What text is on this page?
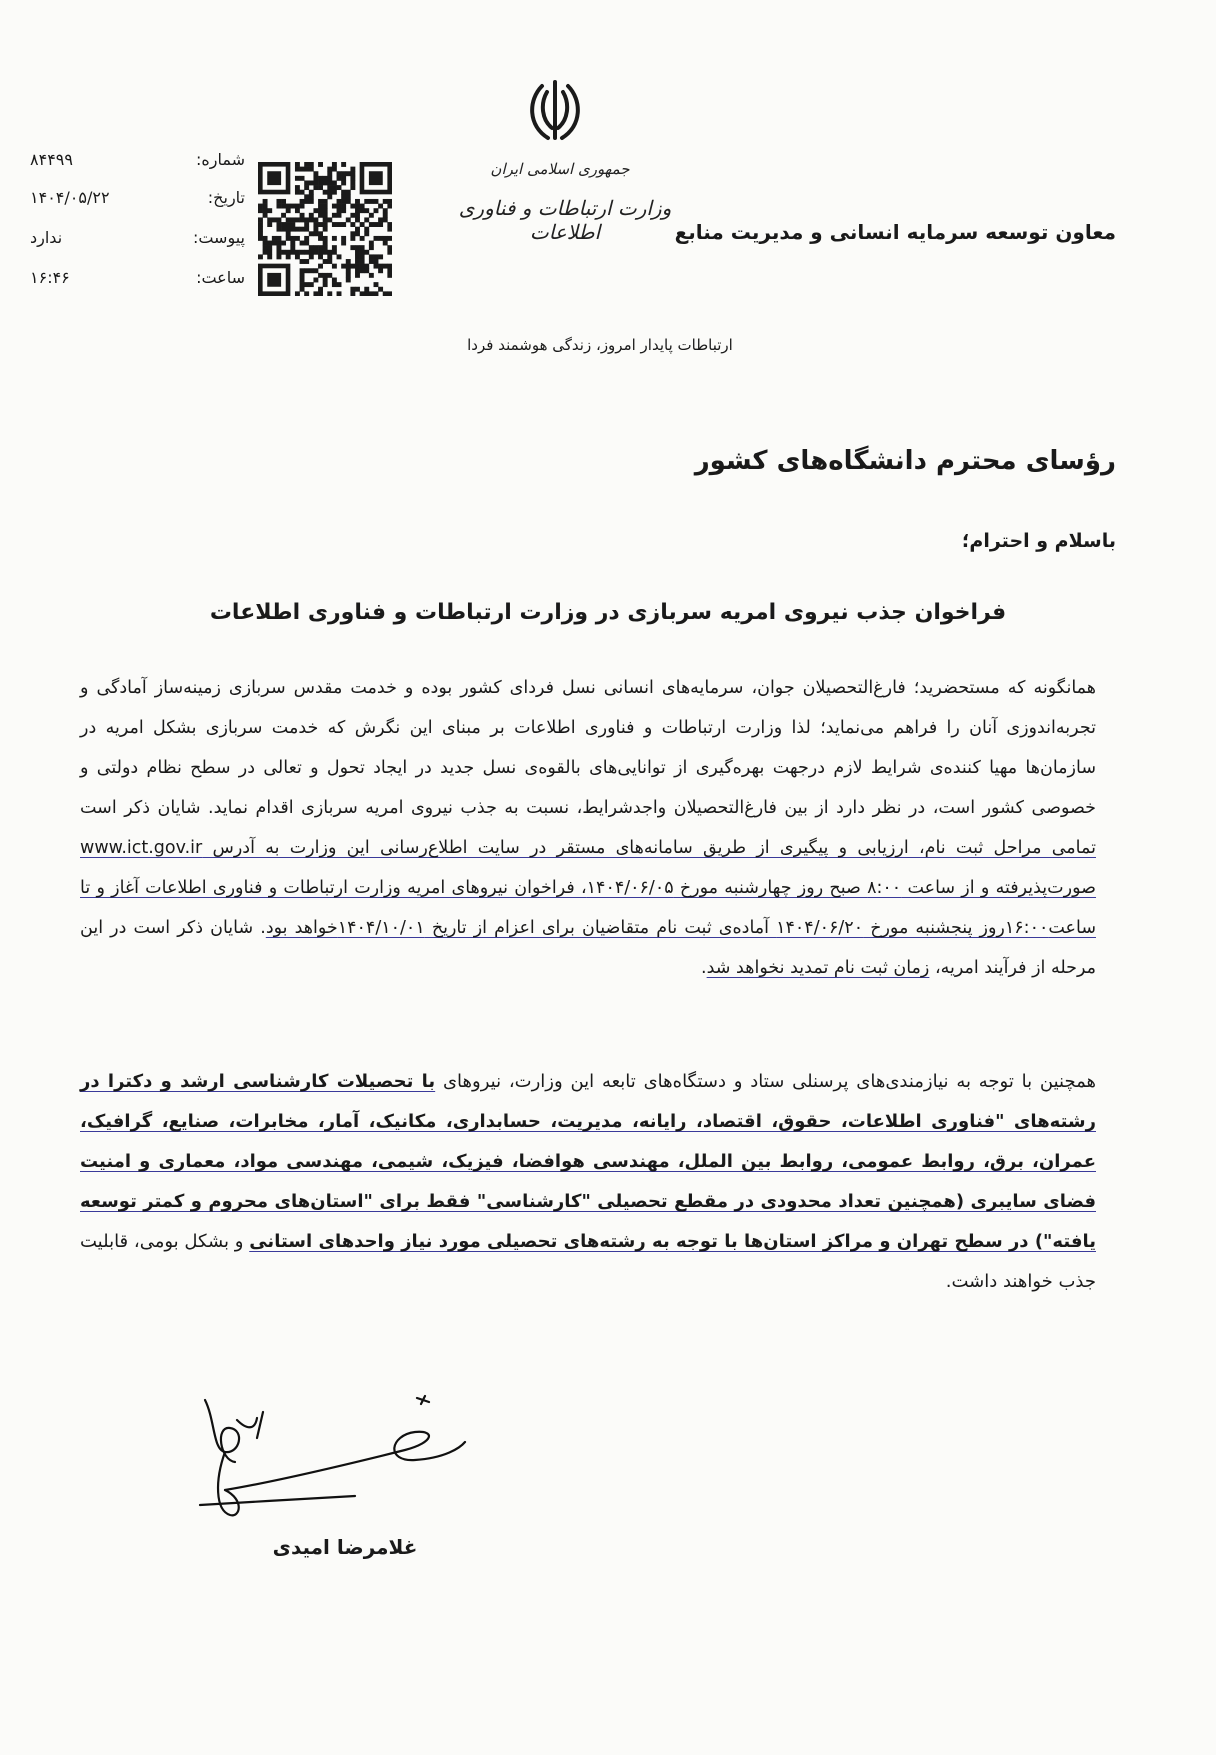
جمهوری اسلامی ایران
وزارت ارتباطات و فناوری اطلاعات	معاون توسعه سرمایه انسانی و مدیریت منابع
شماره:
۸۴۴۹۹
تاریخ:
۱۴۰۴/۰۵/۲۲
پیوست:
ندارد
ساعت:
۱۶:۴۶
ارتباطات پایدار امروز، زندگی هوشمند فردا
رؤسای محترم دانشگاه‌های کشور
باسلام و احترام؛
فراخوان جذب نیروی امریه سربازی در وزارت ارتباطات و فناوری اطلاعات
همانگونه که مستحضرید؛ فارغ‌التحصیلان جوان، سرمایه‌های انسانی نسل فردای کشور بوده و خدمت مقدس سربازی زمینه‌ساز آمادگی و تجربه‌اندوزی آنان را فراهم می‌نماید؛ لذا وزارت ارتباطات و فناوری اطلاعات بر مبنای این نگرش که خدمت سربازی بشکل امریه در سازمان‌ها مهیا کننده‌ی شرایط لازم درجهت بهره‌گیری از توانایی‌های بالقوه‌ی نسل جدید در ایجاد تحول و تعالی در سطح نظام دولتی و خصوصی کشور است، در نظر دارد از بین فارغ‌التحصیلان واجدشرایط، نسبت به جذب نیروی امریه سربازی اقدام نماید. شایان ذکر است تمامی مراحل ثبت نام، ارزیابی و پیگیری از طریق سامانه‌های مستقر در سایت اطلاع‌رسانی این وزارت به آدرس www.ict.gov.ir صورت‌پذیرفته و از ساعت ۸:۰۰ صبح روز چهارشنبه مورخ ۱۴۰۴/۰۶/۰۵، فراخوان نیروهای امریه وزارت ارتباطات و فناوری اطلاعات آغاز و تا ساعت۱۶:۰۰روز پنجشنبه مورخ ۱۴۰۴/۰۶/۲۰ آماده‌ی ثبت نام متقاضیان برای اعزام از تاریخ ۱۴۰۴/۱۰/۰۱خواهد بود. شایان ذکر است در این مرحله از فرآیند امریه، زمان ثبت نام تمدید نخواهد شد.
همچنین با توجه به نیازمندی‌های پرسنلی ستاد و دستگاه‌های تابعه این وزارت، نیروهای با تحصیلات کارشناسی ارشد و دکترا در رشته‌های "فناوری اطلاعات، حقوق، اقتصاد، رایانه، مدیریت، حسابداری، مکانیک، آمار، مخابرات، صنایع، گرافیک، عمران، برق، روابط عمومی، روابط بین الملل، مهندسی هوافضا، فیزیک، شیمی، مهندسی مواد، معماری و امنیت فضای سایبری (همچنین تعداد محدودی در مقطع تحصیلی "کارشناسی" فقط برای "استان‌های محروم و کمتر توسعه یافته") در سطح تهران و مراکز استان‌ها با توجه به رشته‌های تحصیلی مورد نیاز واحدهای استانی و بشکل بومی، قابلیت جذب خواهند داشت.
غلامرضا امیدی
